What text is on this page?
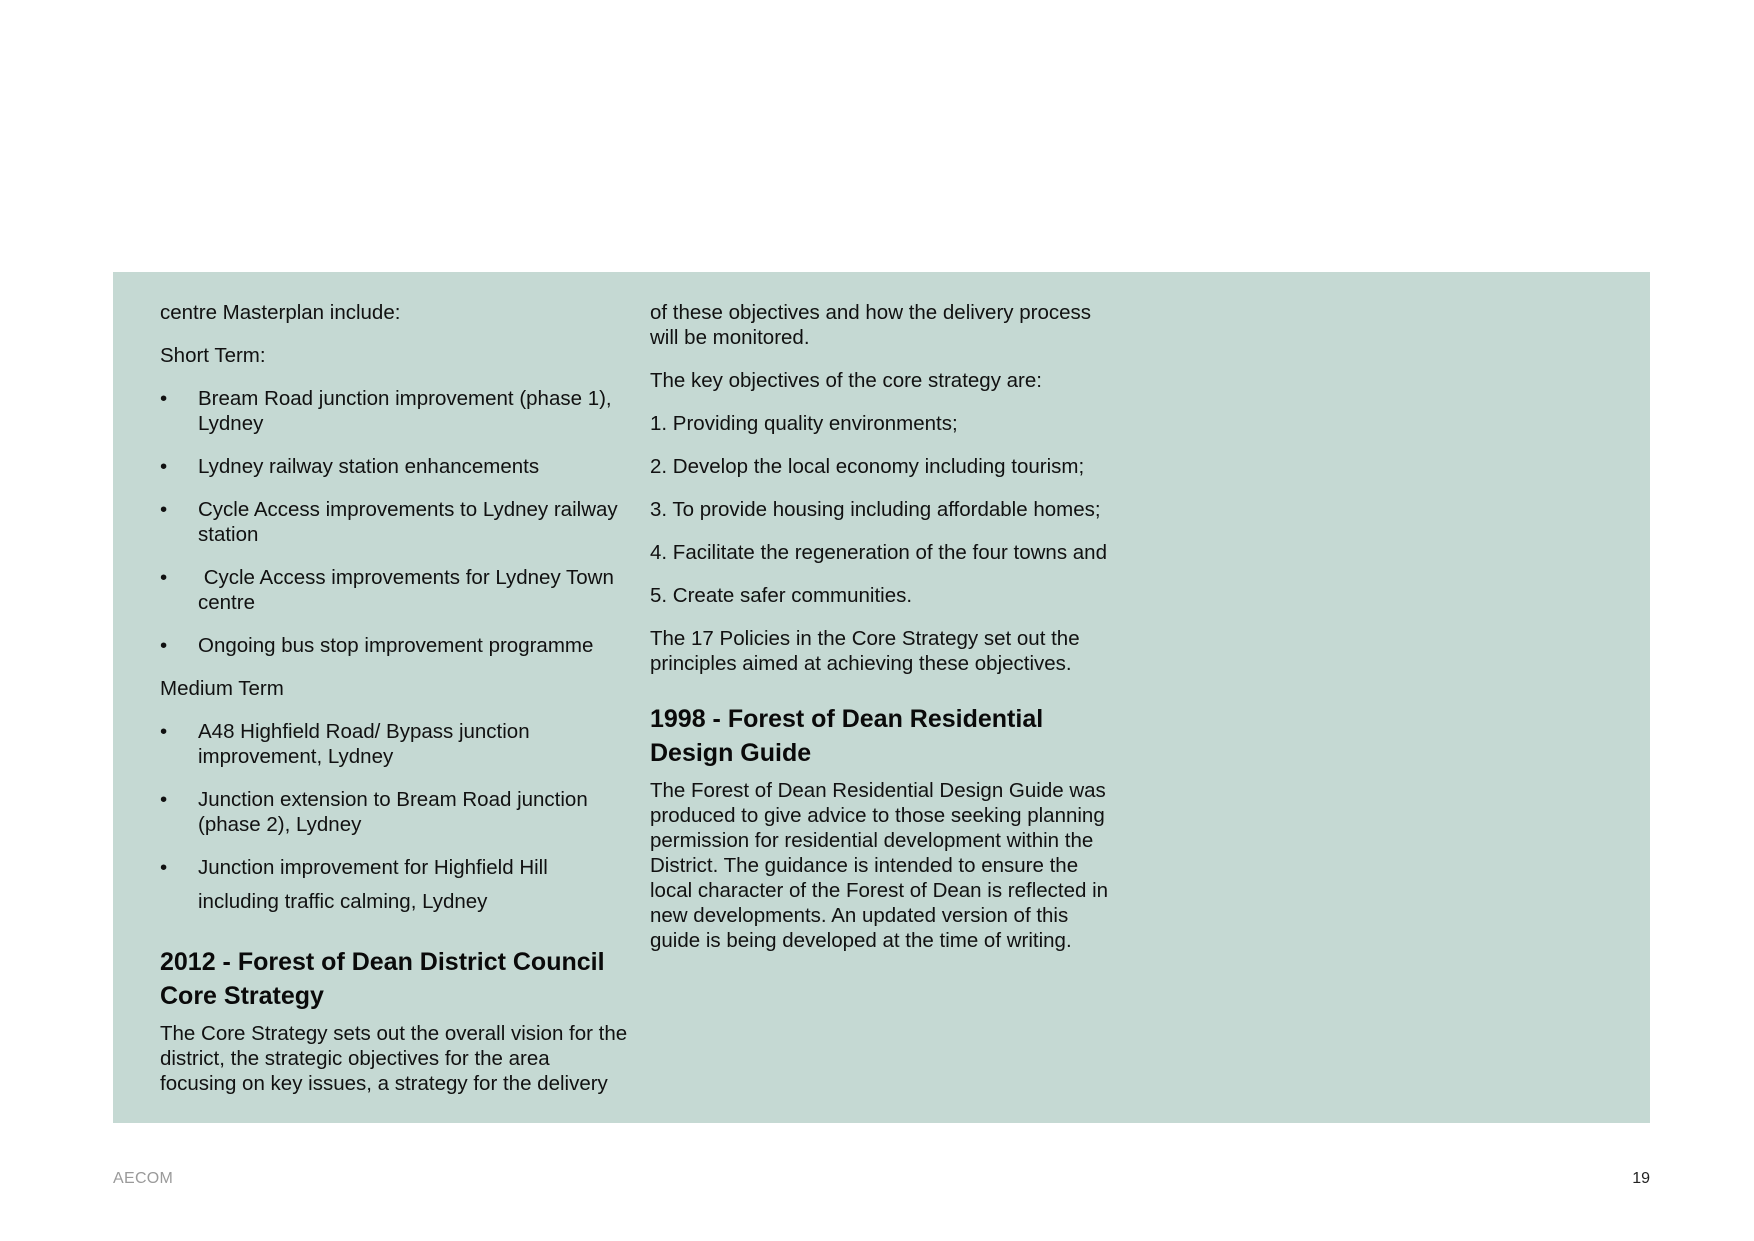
centre Masterplan include:

Short Term:

• Bream Road junction improvement (phase 1), Lydney
• Lydney railway station enhancements
• Cycle Access improvements to Lydney railway station
• Cycle Access improvements for Lydney Town centre
• Ongoing bus stop improvement programme

Medium Term

• A48 Highfield Road/ Bypass junction improvement, Lydney
• Junction extension to Bream Road junction (phase 2), Lydney
• Junction improvement for Highfield Hill including traffic calming, Lydney
2012 - Forest of Dean District Council Core Strategy

The Core Strategy sets out the overall vision for the district, the strategic objectives for the area focusing on key issues, a strategy for the delivery

of these objectives and how the delivery process will be monitored.

The key objectives of the core strategy are:

1. Providing quality environments;

2. Develop the local economy including tourism;

3. To provide housing including affordable homes;

4. Facilitate the regeneration of the four towns and

5. Create safer communities.

The 17 Policies in the Core Strategy set out the principles aimed at achieving these objectives.

1998 - Forest of Dean Residential Design Guide

The Forest of Dean Residential Design Guide was produced to give advice to those seeking planning permission for residential development within the District. The guidance is intended to ensure the local character of the Forest of Dean is reflected in new developments. An updated version of this guide is being developed at the time of writing.

AECOM	19
